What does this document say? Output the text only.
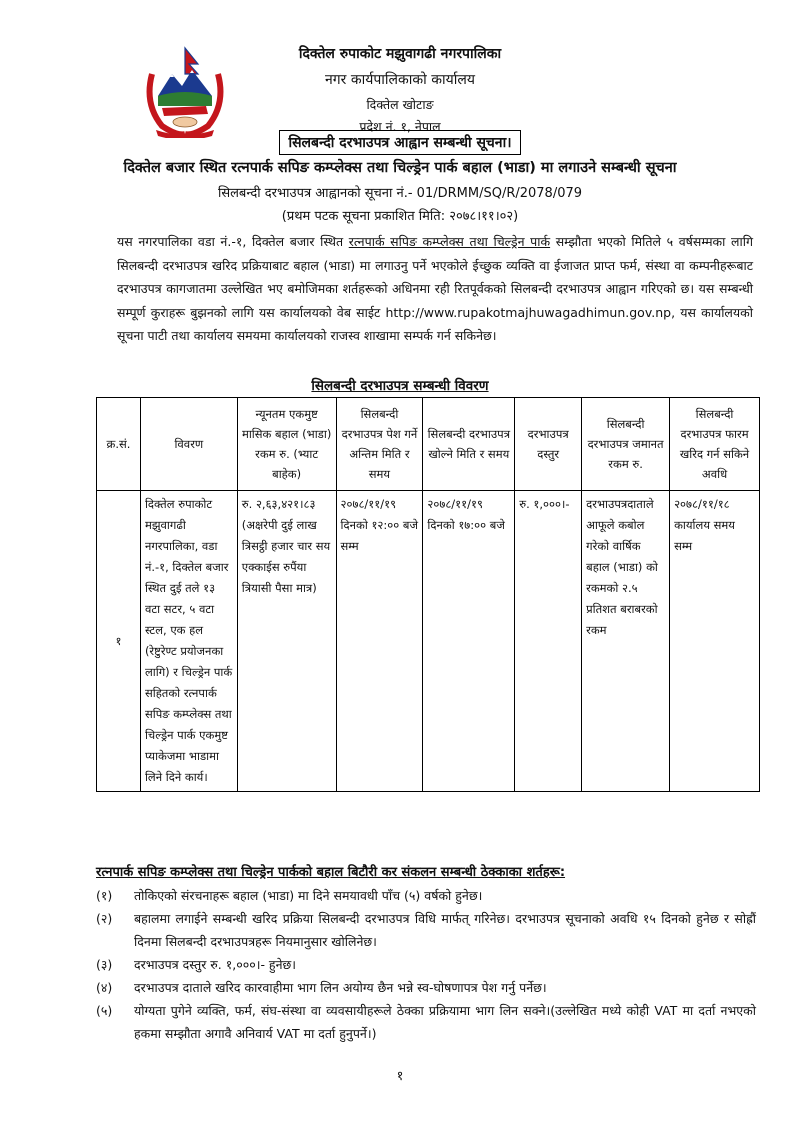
दिक्तेल रुपाकोट मझुवागढी नगरपालिका
नगर कार्यपालिकाको कार्यालय
दिक्तेल खोटाङ
प्रदेश नं. १, नेपाल
सिलबन्दी दरभाउपत्र आह्वान सम्बन्धी सूचना।
दिक्तेल बजार स्थित रत्नपार्क सपिङ कम्प्लेक्स तथा चिल्ड्रेन पार्क बहाल (भाडा) मा लगाउने सम्बन्धी सूचना
सिलबन्दी दरभाउपत्र आह्वानको सूचना नं.- 01/DRMM/SQ/R/2078/079
(प्रथम पटक सूचना प्रकाशित मिति: २०७८।११।०२)
यस नगरपालिका वडा नं.-१, दिक्तेल बजार स्थित रत्नपार्क सपिङ कम्प्लेक्स तथा चिल्ड्रेन पार्क सम्झौता भएको मितिले ५ वर्षसम्मका लागि सिलबन्दी दरभाउपत्र खरिद प्रक्रियाबाट बहाल (भाडा) मा लगाउनु पर्ने भएकोले ईच्छुक व्यक्ति वा ईजाजत प्राप्त फर्म, संस्था वा कम्पनीहरूबाट दरभाउपत्र कागजातमा उल्लेखित भए बमोजिमका शर्तहरूको अधिनमा रही रितपूर्वकको सिलबन्दी दरभाउपत्र आह्वान गरिएको छ। यस सम्बन्धी सम्पूर्ण कुराहरू बुझनको लागि यस कार्यालयको वेब साईट http://www.rupakotmajhuwagadhimun.gov.np, यस कार्यालयको सूचना पाटी तथा कार्यालय समयमा कार्यालयको राजस्व शाखामा सम्पर्क गर्न सकिनेछ।
सिलबन्दी दरभाउपत्र सम्बन्धी विवरण
क्र.सं.	विवरण	न्यूनतम एकमुष्ट मासिक बहाल (भाडा) रकम रु. (भ्याट बाहेक)	सिलबन्दी दरभाउपत्र पेश गर्ने अन्तिम मिति र समय	सिलबन्दी दरभाउपत्र खोल्ने मिति र समय	दरभाउपत्र दस्तुर	सिलबन्दी दरभाउपत्र जमानत रकम रु.	सिलबन्दी दरभाउपत्र फारम खरिद गर्न सकिने अवधि
१	दिक्तेल रुपाकोट मझुवागढी नगरपालिका, वडा नं.-१, दिक्तेल बजार स्थित दुई तले १३ वटा सटर, ५ वटा स्टल, एक हल (रेष्टुरेण्ट प्रयोजनका लागि) र चिल्ड्रेन पार्क सहितको रत्नपार्क सपिङ कम्प्लेक्स तथा चिल्ड्रेन पार्क एकमुष्ट प्याकेजमा भाडामा लिने दिने कार्य।	रु. २,६३,४२१।८३ (अक्षरेपी दुई लाख त्रिसट्ठी हजार चार सय एक्काईस रुपैंया त्रियासी पैसा मात्र)	२०७८/११/१९ दिनको १२:०० बजे सम्म	२०७८/११/१९ दिनको १७:०० बजे	रु. १,०००।-	दरभाउपत्रदाताले आफूले कबोल गरेको वार्षिक बहाल (भाडा) को रकमको २.५ प्रतिशत बराबरको रकम	२०७८/११/१८ कार्यालय समय सम्म
रत्नपार्क सपिङ कम्प्लेक्स तथा चिल्ड्रेन पार्कको बहाल बिटौरी कर संकलन सम्बन्धी ठेक्काका शर्तहरू:
(१)	तोकिएको संरचनाहरू बहाल (भाडा) मा दिने समयावधी पाँच (५) वर्षको हुनेछ।
(२)	बहालमा लगाईने सम्बन्धी खरिद प्रक्रिया सिलबन्दी दरभाउपत्र विधि मार्फत् गरिनेछ। दरभाउपत्र सूचनाको अवधि १५ दिनको हुनेछ र सोह्रौं दिनमा सिलबन्दी दरभाउपत्रहरू नियमानुसार खोलिनेछ।
(३)	दरभाउपत्र दस्तुर रु. १,०००।- हुनेछ।
(४)	दरभाउपत्र दाताले खरिद कारवाहीमा भाग लिन अयोग्य छैन भन्ने स्व-घोषणापत्र पेश गर्नु पर्नेछ।
(५)	योग्यता पुगेने व्यक्ति, फर्म, संघ-संस्था वा व्यवसायीहरूले ठेक्का प्रक्रियामा भाग लिन सक्ने।(उल्लेखित मध्ये कोही VAT मा दर्ता नभएको हकमा सम्झौता अगावै अनिवार्य VAT मा दर्ता हुनुपर्ने।)
१
